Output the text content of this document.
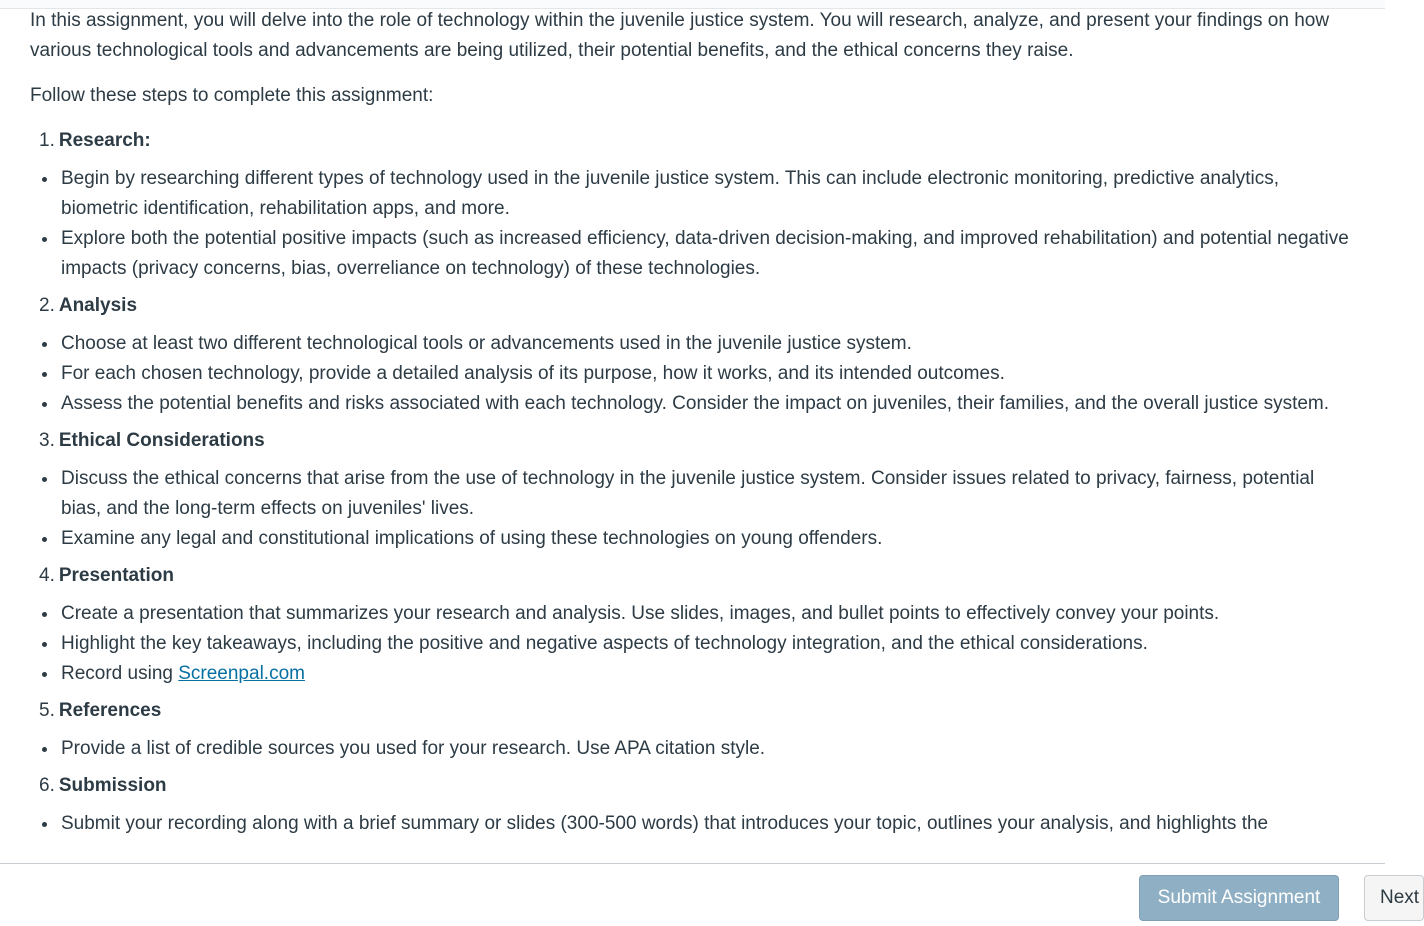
In this assignment, you will delve into the role of technology within the juvenile justice system. You will research, analyze, and present your findings on how various technological tools and advancements are being utilized, their potential benefits, and the ethical concerns they raise.

Follow these steps to complete this assignment:

1. Research:
Begin by researching different types of technology used in the juvenile justice system. This can include electronic monitoring, predictive analytics, biometric identification, rehabilitation apps, and more.
Explore both the potential positive impacts (such as increased efficiency, data-driven decision-making, and improved rehabilitation) and potential negative impacts (privacy concerns, bias, overreliance on technology) of these technologies.
2. Analysis
Choose at least two different technological tools or advancements used in the juvenile justice system.
For each chosen technology, provide a detailed analysis of its purpose, how it works, and its intended outcomes.
Assess the potential benefits and risks associated with each technology. Consider the impact on juveniles, their families, and the overall justice system.
3. Ethical Considerations
Discuss the ethical concerns that arise from the use of technology in the juvenile justice system. Consider issues related to privacy, fairness, potential bias, and the long-term effects on juveniles' lives.
Examine any legal and constitutional implications of using these technologies on young offenders.
4. Presentation
Create a presentation that summarizes your research and analysis. Use slides, images, and bullet points to effectively convey your points.
Highlight the key takeaways, including the positive and negative aspects of technology integration, and the ethical considerations.
Record using Screenpal.com
5. References
Provide a list of credible sources you used for your research. Use APA citation style.
6. Submission
Submit your recording along with a brief summary or slides (300-500 words) that introduces your topic, outlines your analysis, and highlights the
Submit Assignment	Next
